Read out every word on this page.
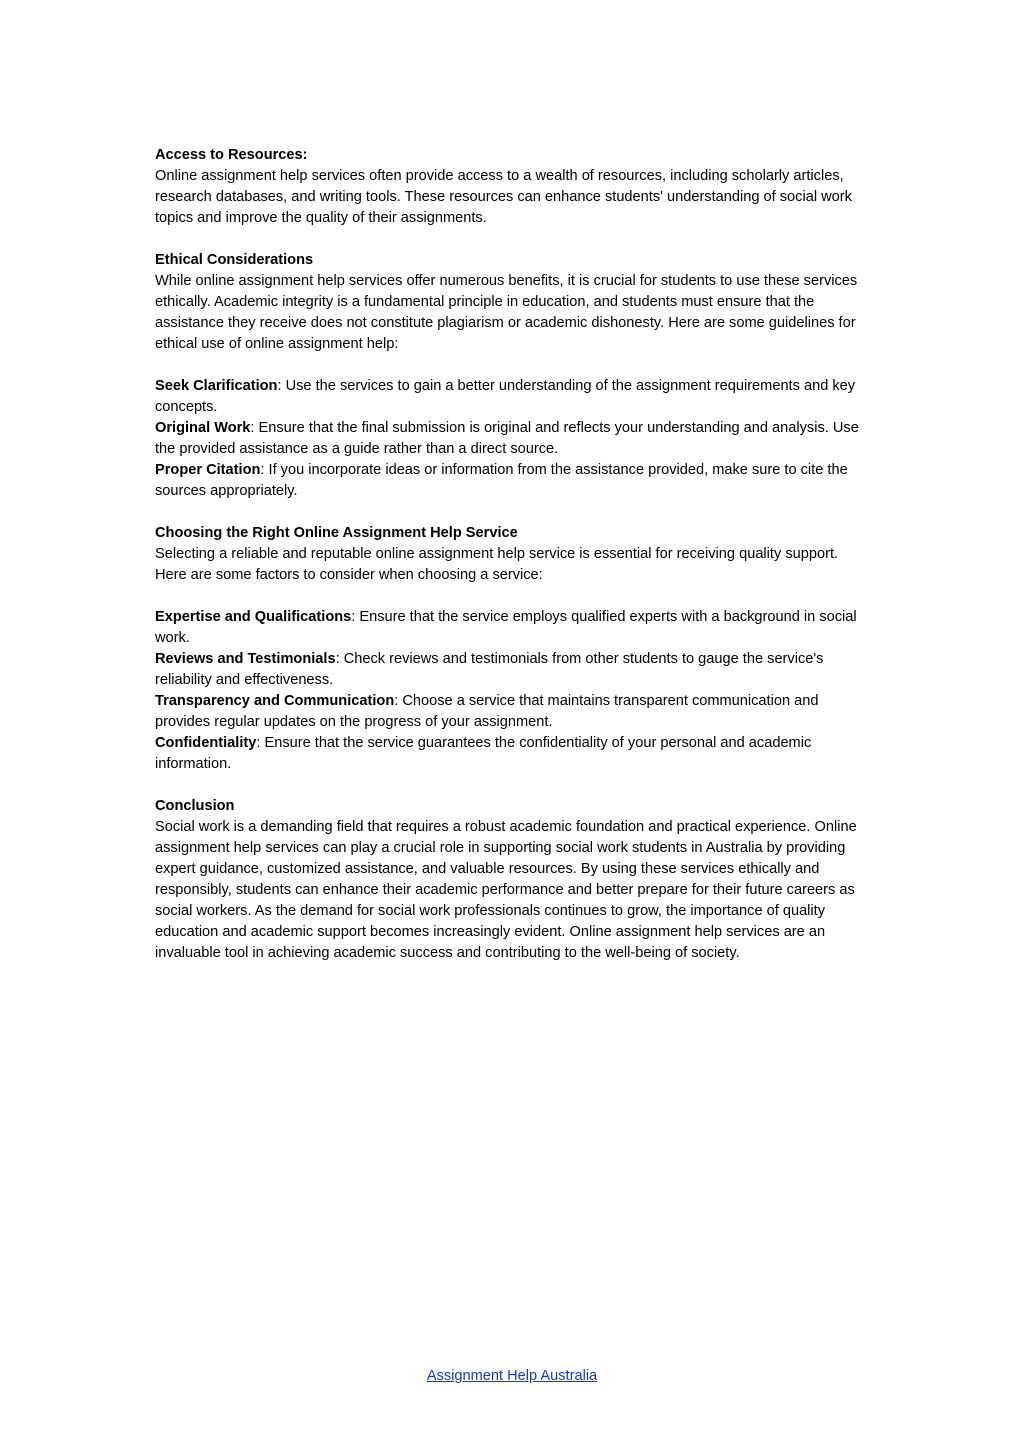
Access to Resources:
Online assignment help services often provide access to a wealth of resources, including scholarly articles, research databases, and writing tools. These resources can enhance students' understanding of social work topics and improve the quality of their assignments.
Ethical Considerations
While online assignment help services offer numerous benefits, it is crucial for students to use these services ethically. Academic integrity is a fundamental principle in education, and students must ensure that the assistance they receive does not constitute plagiarism or academic dishonesty. Here are some guidelines for ethical use of online assignment help:
Seek Clarification: Use the services to gain a better understanding of the assignment requirements and key concepts.
Original Work: Ensure that the final submission is original and reflects your understanding and analysis. Use the provided assistance as a guide rather than a direct source.
Proper Citation: If you incorporate ideas or information from the assistance provided, make sure to cite the sources appropriately.
Choosing the Right Online Assignment Help Service
Selecting a reliable and reputable online assignment help service is essential for receiving quality support. Here are some factors to consider when choosing a service:
Expertise and Qualifications: Ensure that the service employs qualified experts with a background in social work.
Reviews and Testimonials: Check reviews and testimonials from other students to gauge the service's reliability and effectiveness.
Transparency and Communication: Choose a service that maintains transparent communication and provides regular updates on the progress of your assignment.
Confidentiality: Ensure that the service guarantees the confidentiality of your personal and academic information.
Conclusion
Social work is a demanding field that requires a robust academic foundation and practical experience. Online assignment help services can play a crucial role in supporting social work students in Australia by providing expert guidance, customized assistance, and valuable resources. By using these services ethically and responsibly, students can enhance their academic performance and better prepare for their future careers as social workers. As the demand for social work professionals continues to grow, the importance of quality education and academic support becomes increasingly evident. Online assignment help services are an invaluable tool in achieving academic success and contributing to the well-being of society.
Assignment Help Australia
